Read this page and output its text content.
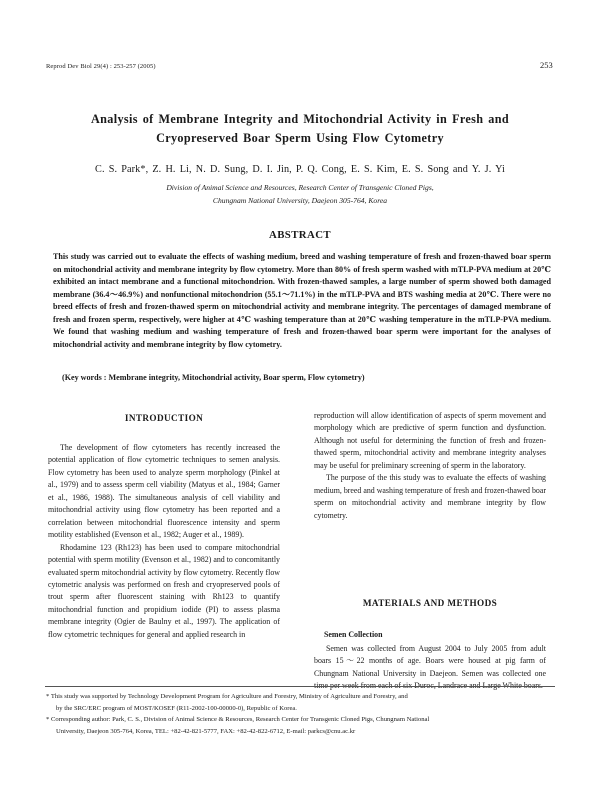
Reprod Dev Biol 29(4) : 253-257 (2005)	253
Analysis of Membrane Integrity and Mitochondrial Activity in Fresh and
Cryopreserved Boar Sperm Using Flow Cytometry
C. S. Park*, Z. H. Li, N. D. Sung, D. I. Jin, P. Q. Cong, E. S. Kim, E. S. Song and Y. J. Yi
Division of Animal Science and Resources, Research Center of Transgenic Cloned Pigs,
Chungnam National University, Daejeon 305-764, Korea
ABSTRACT

This study was carried out to evaluate the effects of washing medium, breed and washing temperature of fresh and frozen-thawed boar sperm on mitochondrial activity and membrane integrity by flow cytometry. More than 80% of fresh sperm washed with mTLP-PVA medium at 20℃ exhibited an intact membrane and a functional mitochondrion. With frozen-thawed samples, a large number of sperm showed both damaged membrane (36.4～46.9%) and nonfunctional mitochondrion (55.1～71.1%) in the mTLP-PVA and BTS washing media at 20℃. There were no breed effects of fresh and frozen-thawed sperm on mitochondrial activity and membrane integrity. The percentages of damaged membrane of fresh and frozen sperm, respectively, were higher at 4℃ washing temperature than at 20℃ washing temperature in the mTLP-PVA medium. We found that washing medium and washing temperature of fresh and frozen-thawed boar sperm were important for the analyses of mitochondrial activity and membrane integrity by flow cytometry.

(Key words : Membrane integrity, Mitochondrial activity, Boar sperm, Flow cytometry)
INTRODUCTION

The development of flow cytometers has recently increased the potential application of flow cytometric techniques to semen analysis. Flow cytometry has been used to analyze sperm morphology (Pinkel at al., 1979) and to assess sperm cell viability (Matyus et al., 1984; Garner et al., 1986, 1988). The simultaneous analysis of cell viability and mitochondrial activity using flow cytometry has been reported and a correlation between mitochondrial fluorescence intensity and sperm motility established (Evenson et al., 1982; Auger et al., 1989).

Rhodamine 123 (Rh123) has been used to compare mitochondrial potential with sperm motility (Evenson et al., 1982) and to concomitantly evaluated sperm mitochondrial activity by flow cytometry. Recently flow cytometric analysis was performed on fresh and cryopreserved pools of trout sperm after fluorescent staining with Rh123 to quantify mitochondrial function and propidium iodide (PI) to assess plasma membrane integrity (Ogier de Baulny et al., 1997). The application of flow cytometric techniques for general and applied research in

reproduction will allow identification of aspects of sperm movement and morphology which are predictive of sperm function and dysfunction. Although not useful for determining the function of fresh and frozen-thawed sperm, mitochondrial activity and membrane integrity analyses may be useful for preliminary screening of sperm in the laboratory.

The purpose of the this study was to evaluate the effects of washing medium, breed and washing temperature of fresh and frozen-thawed boar sperm on mitochondrial activity and membrane integrity by flow cytometry.

MATERIALS AND METHODS
Semen Collection

Semen was collected from August 2004 to July 2005 from adult boars 15～22 months of age. Boars were housed at pig farm of Chungnam National University in Daejeon. Semen was collected one time per week from each of six Duroc, Landrace and Large White boars.

* This study was supported by Technology Development Program for Agriculture and Forestry, Ministry of Agriculture and Forestry, and

by the SRC/ERC program of MOST/KOSEF (R11-2002-100-00000-0), Republic of Korea.

* Corresponding author: Park, C. S., Division of Animal Science & Resources, Research Center for Transgenic Cloned Pigs, Chungnam National

University, Daejeon 305-764, Korea, TEL: +82-42-821-5777, FAX: +82-42-822-6712, E-mail: parkcs@cnu.ac.kr
